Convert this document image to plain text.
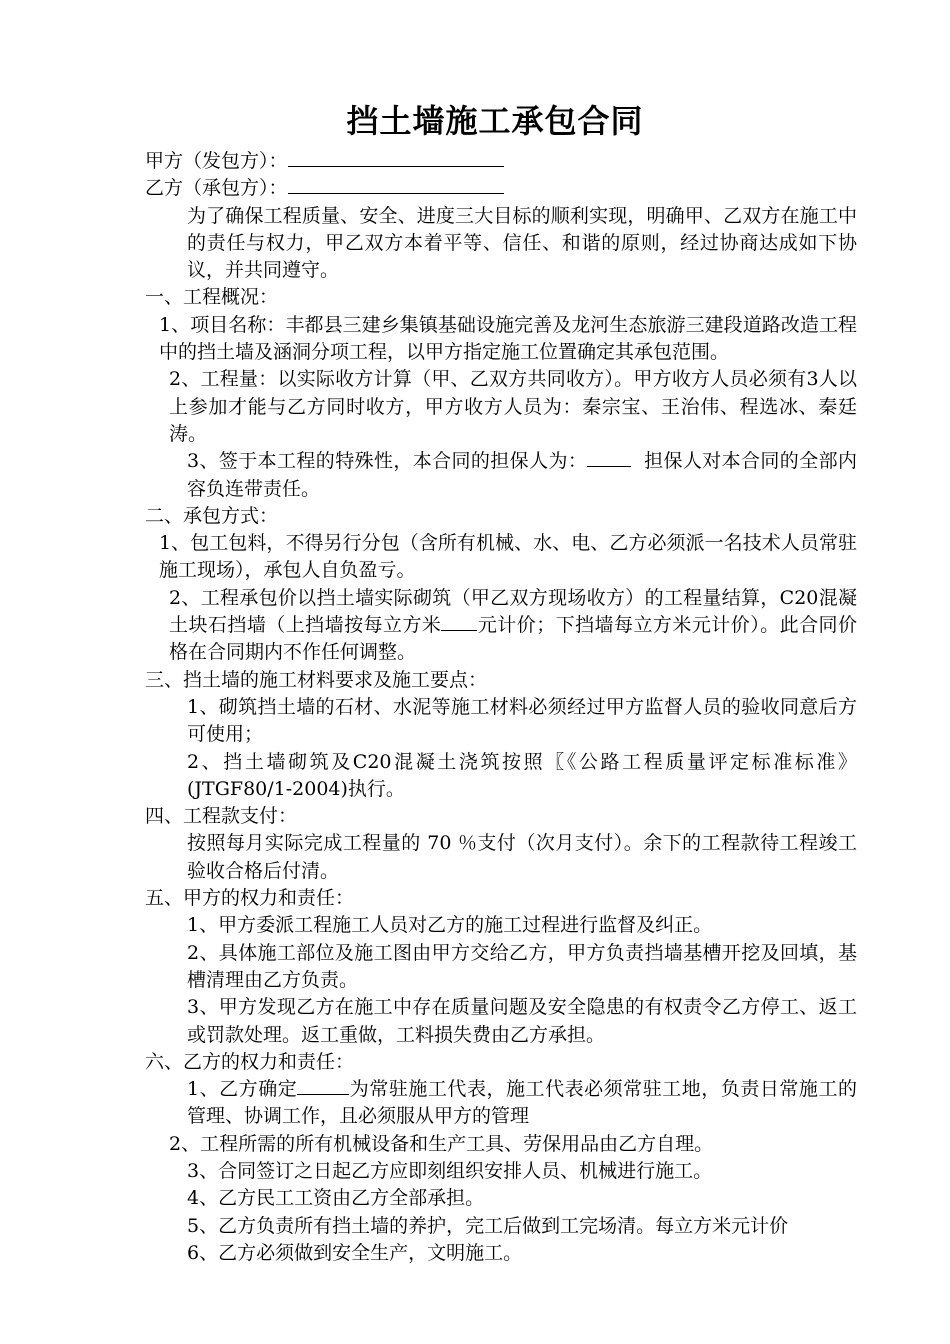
挡土墙施工承包合同

甲方（发包方）：

乙方（承包方）：

为了确保工程质量、安全、进度三大目标的顺利实现，明确甲、乙双方在施工中的责任与权力，甲乙双方本着平等、信任、和谐的原则，经过协商达成如下协议，并共同遵守。

一、工程概况：

1、项目名称：丰都县三建乡集镇基础设施完善及龙河生态旅游三建段道路改造工程中的挡土墙及涵洞分项工程，以甲方指定施工位置确定其承包范围。

2、工程量：以实际收方计算（甲、乙双方共同收方）。甲方收方人员必须有3人以上参加才能与乙方同时收方，甲方收方人员为：秦宗宝、王治伟、程选冰、秦廷涛。

3、签于本工程的特殊性，本合同的担保人为：	担保人对本合同的全部内容负连带责任。

二、承包方式：

1、包工包料，不得另行分包（含所有机械、水、电、乙方必须派一名技术人员常驻施工现场），承包人自负盈亏。

2、工程承包价以挡土墙实际砌筑（甲乙双方现场收方）的工程量结算，C20混凝土块石挡墙（上挡墙按每立方米 元计价；下挡墙每立方米元计价）。此合同价格在合同期内不作任何调整。

三、挡土墙的施工材料要求及施工要点：

1、砌筑挡土墙的石材、水泥等施工材料必须经过甲方监督人员的验收同意后方可使用；

2、挡土墙砌筑及C20混凝土浇筑按照〖《公路工程质量评定标准标准》(JTGF80/1-2004)执行。

四、工程款支付：

按照每月实际完成工程量的 70 ％支付（次月支付）。余下的工程款待工程竣工验收合格后付清。

五、甲方的权力和责任：

1、甲方委派工程施工人员对乙方的施工过程进行监督及纠正。

2、具体施工部位及施工图由甲方交给乙方，甲方负责挡墙基槽开挖及回填，基槽清理由乙方负责。

3、甲方发现乙方在施工中存在质量问题及安全隐患的有权责令乙方停工、返工或罚款处理。返工重做，工料损失费由乙方承担。

六、乙方的权力和责任：

1、乙方确定	为常驻施工代表，施工代表必须常驻工地，负责日常施工的管理、协调工作，且必须服从甲方的管理

2、工程所需的所有机械设备和生产工具、劳保用品由乙方自理。

3、合同签订之日起乙方应即刻组织安排人员、机械进行施工。

4、乙方民工工资由乙方全部承担。

5、乙方负责所有挡土墙的养护，完工后做到工完场清。每立方米元计价

6、乙方必须做到安全生产，文明施工。
